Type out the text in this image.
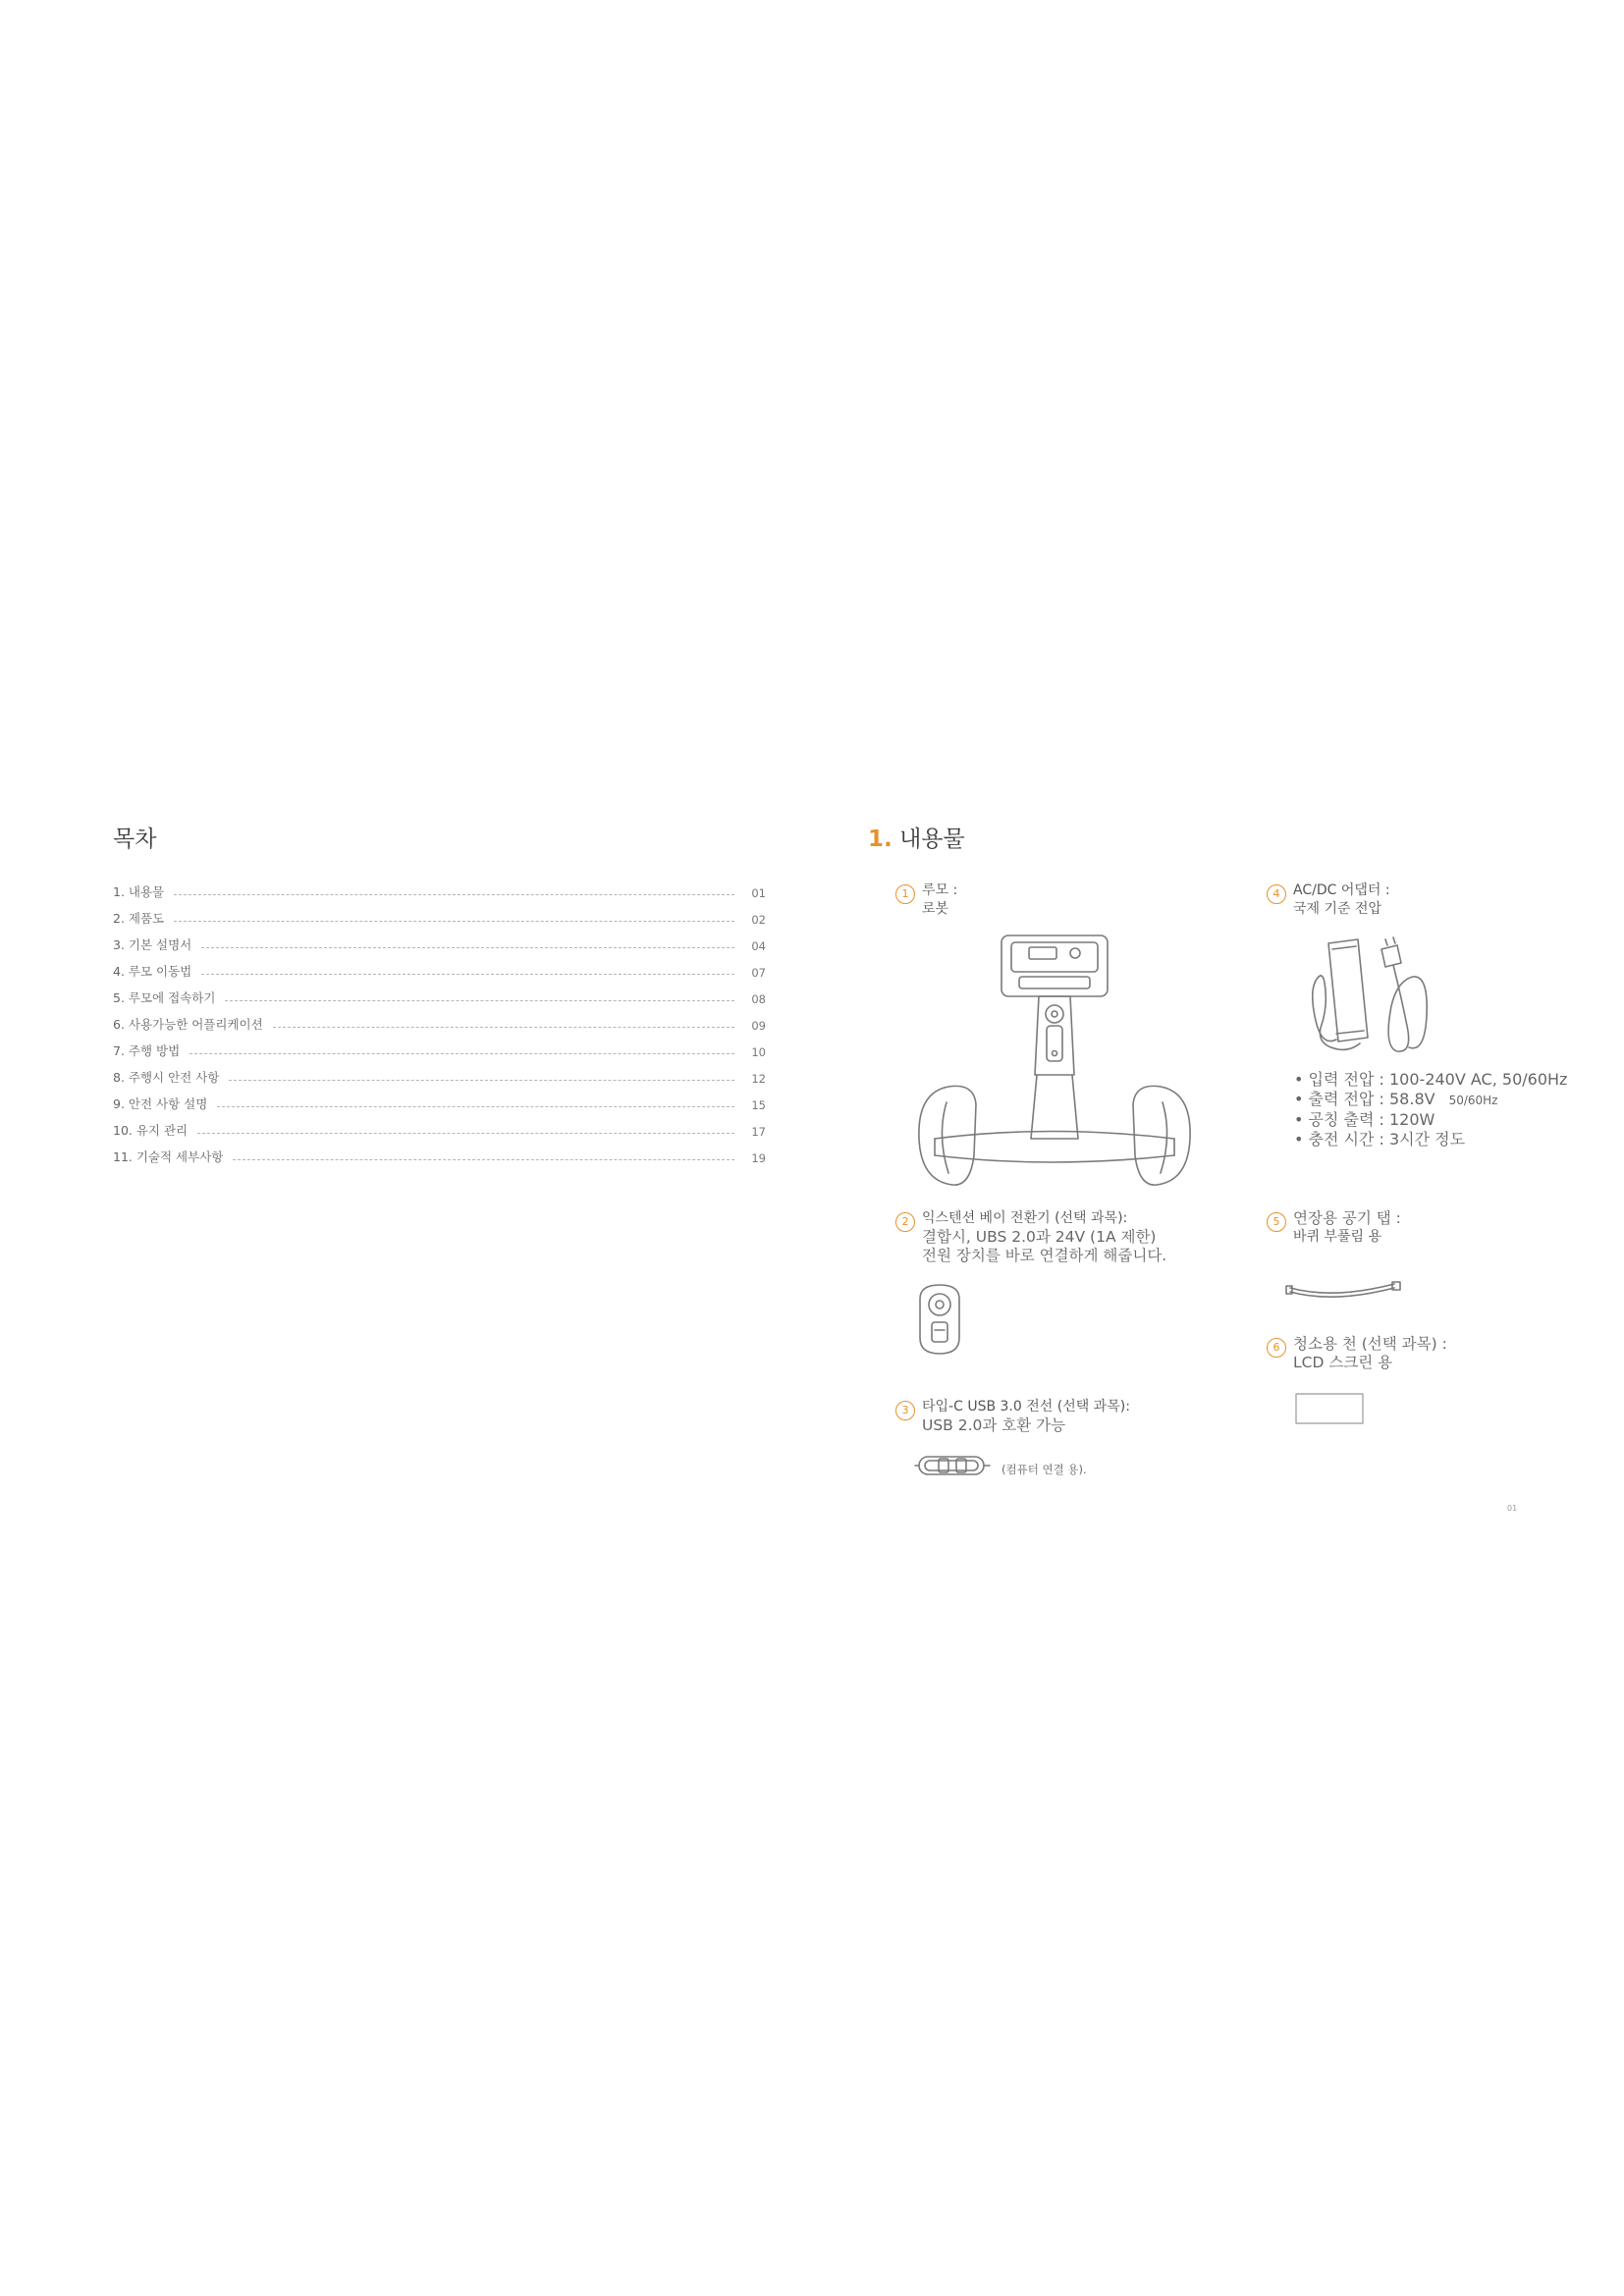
목차
1. 내용물	01
2. 제품도	02
3. 기본 설명서	04
4. 루모 이동법	07
5. 루모에 접속하기	08
6. 사용가능한 어플리케이션	09
7. 주행 방법	10
8. 주행시 안전 사항	12
9. 안전 사항 설명	15
10. 유지 관리	17
11. 기술적 세부사항	19
1. 내용물
1 루모 :
로봇
2 익스텐션 베이 전환기 (선택 과목):
결합시, UBS 2.0과 24V (1A 제한)
전원 장치를 바로 연결하게 해줍니다.
3 타입-C USB 3.0 전선 (선택 과목):
USB 2.0과 호환 가능
4 AC/DC 어댑터 :
국제 기준 전압
• 입력 전압 : 100-240V AC, 50/60Hz
• 출력 전압 : 58.8V 50/60Hz
• 공칭 출력 : 120W
• 충전 시간 : 3시간 정도
5 연장용 공기 탭 :
바퀴 부풀림 용
6 청소용 천 (선택 과목) :
LCD 스크린 용
(컴퓨터 연결 용).
01
